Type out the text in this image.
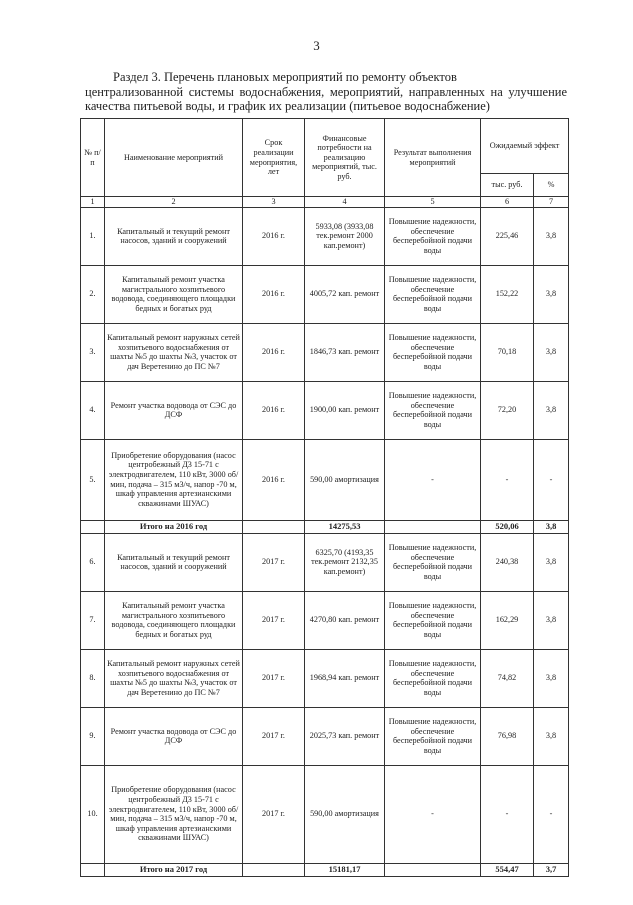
3
Раздел 3. Перечень плановых мероприятий по ремонту объектов
централизованной системы водоснабжения, мероприятий, направленных на улучшение качества питьевой воды, и график их реализации (питьевое водоснабжение)
№ п/п	Наименование мероприятий	Срок реализации мероприятия, лет	Финансовые потребности на реализацию мероприятий, тыс. руб.	Результат выполнения мероприятий	Ожидаемый эффект	
					тыс. руб.	%
1	2	3	4	5	6	7
1.	Капитальный и текущий ремонт насосов, зданий и сооружений	2016 г.	5933,08 (3933,08 тек.ремонт 2000 кап.ремонт)	Повышение надежности, обеспечение бесперебойной подачи воды	225,46	3,8
2.	Капитальный ремонт участка магистрального хозпитьевого водовода, соединяющего площадки бедных и богатых руд	2016 г.	4005,72 кап. ремонт	Повышение надежности, обеспечение бесперебойной подачи воды	152,22	3,8
3.	Капитальный ремонт наружных сетей хозпитьевого водоснабжения от шахты №5 до шахты №3, участок от дач Веретенино до ПС №7	2016 г.	1846,73 кап. ремонт	Повышение надежности, обеспечение бесперебойной подачи воды	70,18	3,8
4.	Ремонт участка водовода от СЭС до ДСФ	2016 г.	1900,00 кап. ремонт	Повышение надежности, обеспечение бесперебойной подачи воды	72,20	3,8
5.	Приобретение оборудования (насос центробежный Д3 15-71 с электродвигателем, 110 кВт, 3000 об/мин, подача – 315 м3/ч, напор -70 м, шкаф управления артезианскими скважинами ШУАС)	2016 г.	590,00 амортизация	-	-	-
	Итого на 2016 год		14275,53		520,06	3,8
6.	Капитальный и текущий ремонт насосов, зданий и сооружений	2017 г.	6325,70 (4193,35 тек.ремонт 2132,35 кап.ремонт)	Повышение надежности, обеспечение бесперебойной подачи воды	240,38	3,8
7.	Капитальный ремонт участка магистрального хозпитьевого водовода, соединяющего площадки бедных и богатых руд	2017 г.	4270,80 кап. ремонт	Повышение надежности, обеспечение бесперебойной подачи воды	162,29	3,8
8.	Капитальный ремонт наружных сетей хозпитьевого водоснабжения от шахты №5 до шахты №3, участок от дач Веретенино до ПС №7	2017 г.	1968,94 кап. ремонт	Повышение надежности, обеспечение бесперебойной подачи воды	74,82	3,8
9.	Ремонт участка водовода от СЭС до ДСФ	2017 г.	2025,73 кап. ремонт	Повышение надежности, обеспечение бесперебойной подачи воды	76,98	3,8
10.	Приобретение оборудования (насос центробежный Д3 15-71 с электродвигателем, 110 кВт, 3000 об/мин, подача – 315 м3/ч, напор -70 м, шкаф управления артезианскими скважинами ШУАС)	2017 г.	590,00 амортизация	-	-	-
	Итого на 2017 год		15181,17		554,47	3,7
